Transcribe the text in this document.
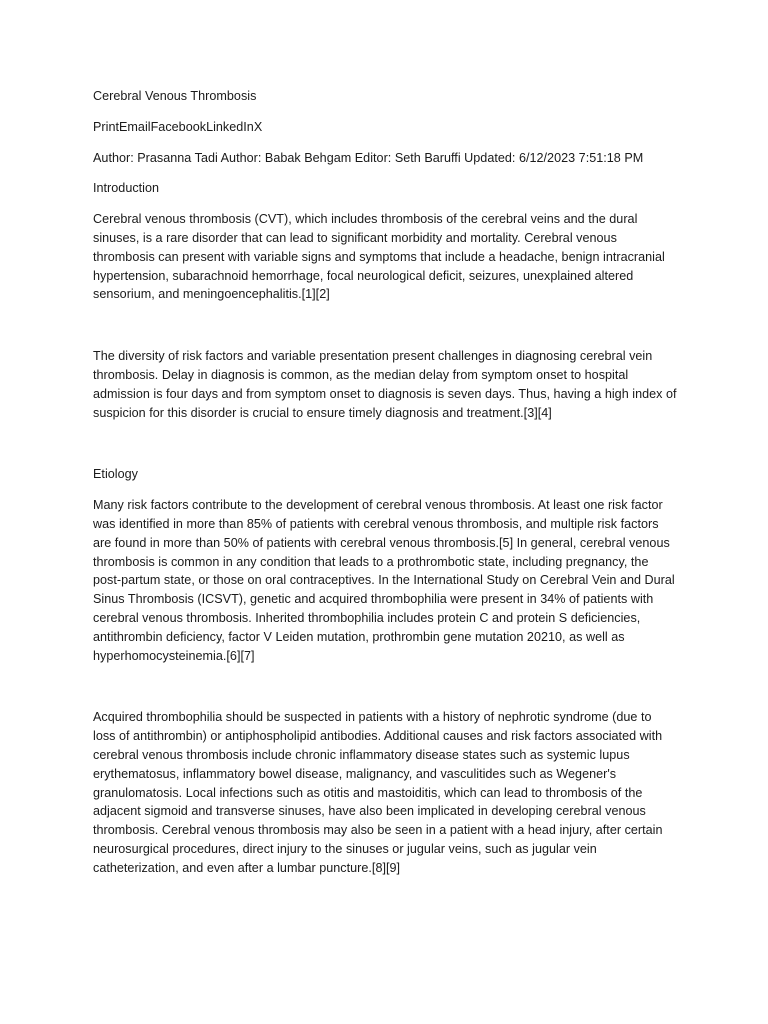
Cerebral Venous Thrombosis

PrintEmailFacebookLinkedInX

Author: Prasanna Tadi Author: Babak Behgam Editor: Seth Baruffi Updated: 6/12/2023 7:51:18 PM

Introduction

Cerebral venous thrombosis (CVT), which includes thrombosis of the cerebral veins and the dural sinuses, is a rare disorder that can lead to significant morbidity and mortality. Cerebral venous thrombosis can present with variable signs and symptoms that include a headache, benign intracranial hypertension, subarachnoid hemorrhage, focal neurological deficit, seizures, unexplained altered sensorium, and meningoencephalitis.[1][2]

The diversity of risk factors and variable presentation present challenges in diagnosing cerebral vein thrombosis. Delay in diagnosis is common, as the median delay from symptom onset to hospital admission is four days and from symptom onset to diagnosis is seven days. Thus, having a high index of suspicion for this disorder is crucial to ensure timely diagnosis and treatment.[3][4]

Etiology

Many risk factors contribute to the development of cerebral venous thrombosis. At least one risk factor was identified in more than 85% of patients with cerebral venous thrombosis, and multiple risk factors are found in more than 50% of patients with cerebral venous thrombosis.[5] In general, cerebral venous thrombosis is common in any condition that leads to a prothrombotic state, including pregnancy, the post-partum state, or those on oral contraceptives. In the International Study on Cerebral Vein and Dural Sinus Thrombosis (ICSVT), genetic and acquired thrombophilia were present in 34% of patients with cerebral venous thrombosis. Inherited thrombophilia includes protein C and protein S deficiencies, antithrombin deficiency, factor V Leiden mutation, prothrombin gene mutation 20210, as well as hyperhomocysteinemia.[6][7]

Acquired thrombophilia should be suspected in patients with a history of nephrotic syndrome (due to loss of antithrombin) or antiphospholipid antibodies. Additional causes and risk factors associated with cerebral venous thrombosis include chronic inflammatory disease states such as systemic lupus erythematosus, inflammatory bowel disease, malignancy, and vasculitides such as Wegener's granulomatosis. Local infections such as otitis and mastoiditis, which can lead to thrombosis of the adjacent sigmoid and transverse sinuses, have also been implicated in developing cerebral venous thrombosis. Cerebral venous thrombosis may also be seen in a patient with a head injury, after certain neurosurgical procedures, direct injury to the sinuses or jugular veins, such as jugular vein catheterization, and even after a lumbar puncture.[8][9]
